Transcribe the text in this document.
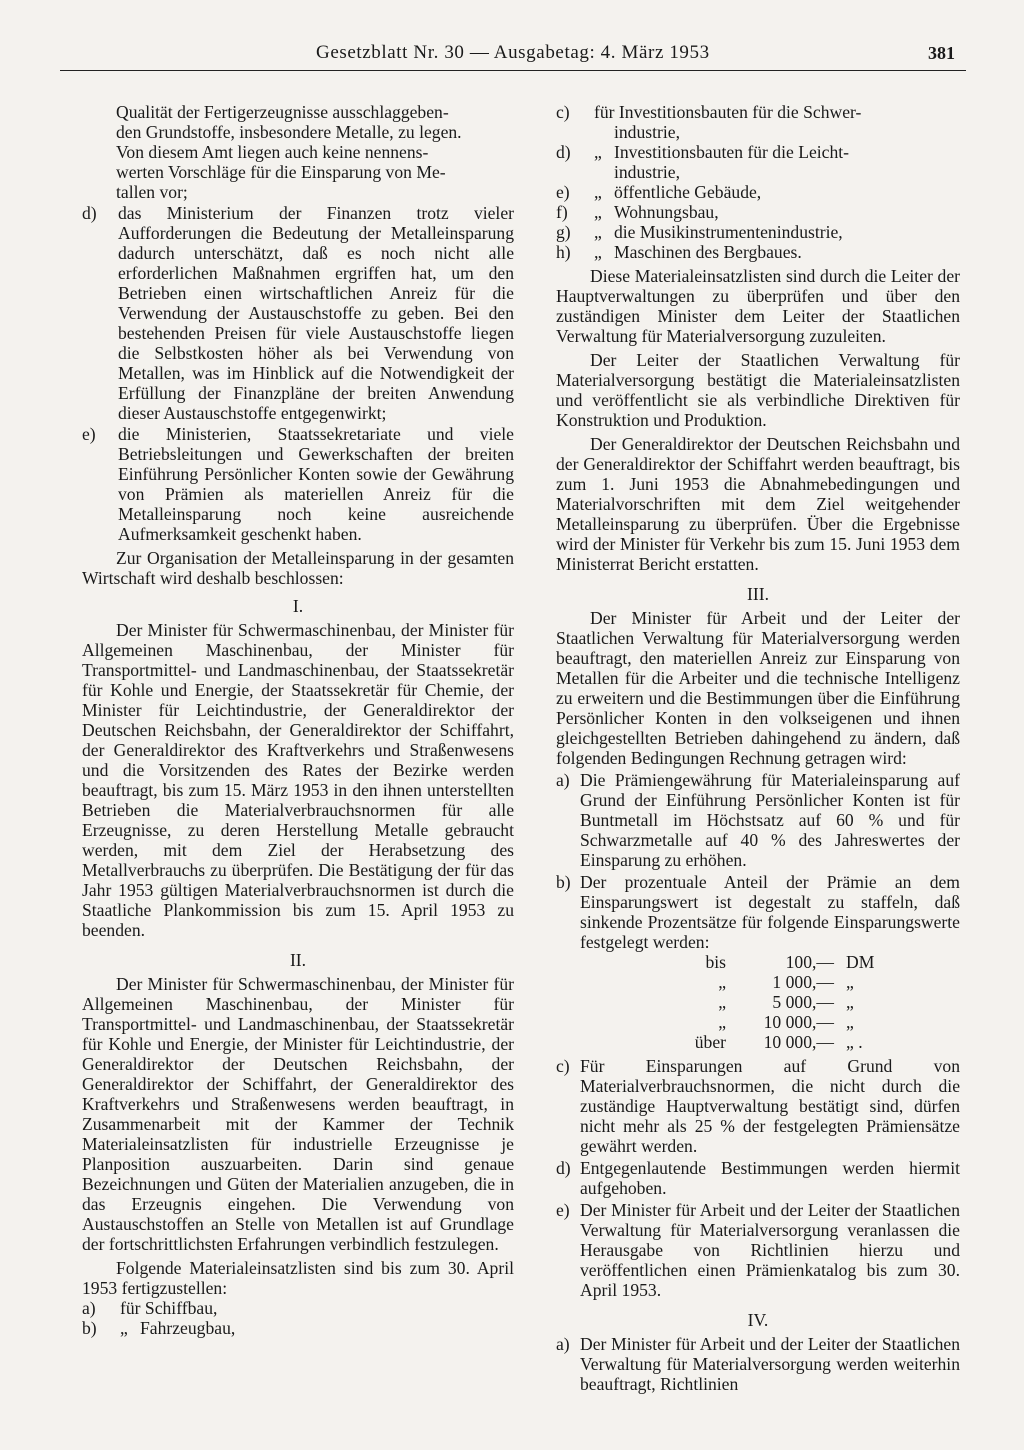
Gesetzblatt Nr. 30 — Ausgabetag: 4. März 1953	381

Qualität der Fertigerzeugnisse ausschlaggeben-

den Grundstoffe, insbesondere Metalle, zu legen.

Von diesem Amt liegen auch keine nennens-

werten Vorschläge für die Einsparung von Me-

tallen vor;

d) das Ministerium der Finanzen trotz vieler Aufforderungen die Bedeutung der Metalleinsparung dadurch unterschätzt, daß es noch nicht alle erforderlichen Maßnahmen ergriffen hat, um den Betrieben einen wirtschaftlichen Anreiz für die Verwendung der Austauschstoffe zu geben. Bei den bestehenden Preisen für viele Austauschstoffe liegen die Selbstkosten höher als bei Verwendung von Metallen, was im Hinblick auf die Notwendigkeit der Erfüllung der Finanzpläne der breiten Anwendung dieser Austauschstoffe entgegenwirkt;
e) die Ministerien, Staatssekretariate und viele Betriebsleitungen und Gewerkschaften der breiten Einführung Persönlicher Konten sowie der Gewährung von Prämien als materiellen Anreiz für die Metalleinsparung noch keine ausreichende Aufmerksamkeit geschenkt haben.

Zur Organisation der Metalleinsparung in der gesamten Wirtschaft wird deshalb beschlossen:

I.

Der Minister für Schwermaschinenbau, der Minister für Allgemeinen Maschinenbau, der Minister für Transportmittel- und Landmaschinenbau, der Staatssekretär für Kohle und Energie, der Staatssekretär für Chemie, der Minister für Leichtindustrie, der Generaldirektor der Deutschen Reichsbahn, der Generaldirektor der Schiffahrt, der Generaldirektor des Kraftverkehrs und Straßenwesens und die Vorsitzenden des Rates der Bezirke werden beauftragt, bis zum 15. März 1953 in den ihnen unterstellten Betrieben die Materialverbrauchsnormen für alle Erzeugnisse, zu deren Herstellung Metalle gebraucht werden, mit dem Ziel der Herabsetzung des Metallverbrauchs zu überprüfen. Die Bestätigung der für das Jahr 1953 gültigen Materialverbrauchsnormen ist durch die Staatliche Plankommission bis zum 15. April 1953 zu beenden.

II.

Der Minister für Schwermaschinenbau, der Minister für Allgemeinen Maschinenbau, der Minister für Transportmittel- und Landmaschinenbau, der Staatssekretär für Kohle und Energie, der Minister für Leichtindustrie, der Generaldirektor der Deutschen Reichsbahn, der Generaldirektor der Schiffahrt, der Generaldirektor des Kraftverkehrs und Straßenwesens werden beauftragt, in Zusammenarbeit mit der Kammer der Technik Materialeinsatzlisten für industrielle Erzeugnisse je Planposition auszuarbeiten. Darin sind genaue Bezeichnungen und Güten der Materialien anzugeben, die in das Erzeugnis eingehen. Die Verwendung von Austauschstoffen an Stelle von Metallen ist auf Grundlage der fortschrittlichsten Erfahrungen verbindlich festzulegen.

Folgende Materialeinsatzlisten sind bis zum 30. April 1953 fertigzustellen:

a) für Schiffbau,
b) „ Fahrzeugbau,
c) für Investitionsbauten für die Schwer-
industrie,
d) „ Investitionsbauten für die Leicht-
industrie,
e) „ öffentliche Gebäude,
f) „ Wohnungsbau,
g) „ die Musikinstrumentenindustrie,
h) „ Maschinen des Bergbaues.

Diese Materialeinsatzlisten sind durch die Leiter der Hauptverwaltungen zu überprüfen und über den zuständigen Minister dem Leiter der Staatlichen Verwaltung für Materialversorgung zuzuleiten.

Der Leiter der Staatlichen Verwaltung für Materialversorgung bestätigt die Materialeinsatzlisten und veröffentlicht sie als verbindliche Direktiven für Konstruktion und Produktion.

Der Generaldirektor der Deutschen Reichsbahn und der Generaldirektor der Schiffahrt werden beauftragt, bis zum 1. Juni 1953 die Abnahmebedingungen und Materialvorschriften mit dem Ziel weitgehender Metalleinsparung zu überprüfen. Über die Ergebnisse wird der Minister für Verkehr bis zum 15. Juni 1953 dem Ministerrat Bericht erstatten.

III.

Der Minister für Arbeit und der Leiter der Staatlichen Verwaltung für Materialversorgung werden beauftragt, den materiellen Anreiz zur Einsparung von Metallen für die Arbeiter und die technische Intelligenz zu erweitern und die Bestimmungen über die Einführung Persönlicher Konten in den volkseigenen und ihnen gleichgestellten Betrieben dahingehend zu ändern, daß folgenden Bedingungen Rechnung getragen wird:

a) Die Prämiengewährung für Materialeinsparung auf Grund der Einführung Persönlicher Konten ist für Buntmetall im Höchstsatz auf 60 % und für Schwarzmetalle auf 40 % des Jahreswertes der Einsparung zu erhöhen.
b) Der prozentuale Anteil der Prämie an dem Einsparungswert ist degestalt zu staffeln, daß sinkende Prozentsätze für folgende Einsparungswerte festgelegt werden:
bis	100,— DM
„	1 000,— „
„	5 000,— „
„	10 000,— „
über	10 000,— „ .
c) Für Einsparungen auf Grund von Materialverbrauchsnormen, die nicht durch die zuständige Hauptverwaltung bestätigt sind, dürfen nicht mehr als 25 % der festgelegten Prämiensätze gewährt werden.
d) Entgegenlautende Bestimmungen werden hiermit aufgehoben.
e) Der Minister für Arbeit und der Leiter der Staatlichen Verwaltung für Materialversorgung veranlassen die Herausgabe von Richtlinien hierzu und veröffentlichen einen Prämienkatalog bis zum 30. April 1953.
IV.
a) Der Minister für Arbeit und der Leiter der Staatlichen Verwaltung für Materialversorgung werden weiterhin beauftragt, Richtlinien
